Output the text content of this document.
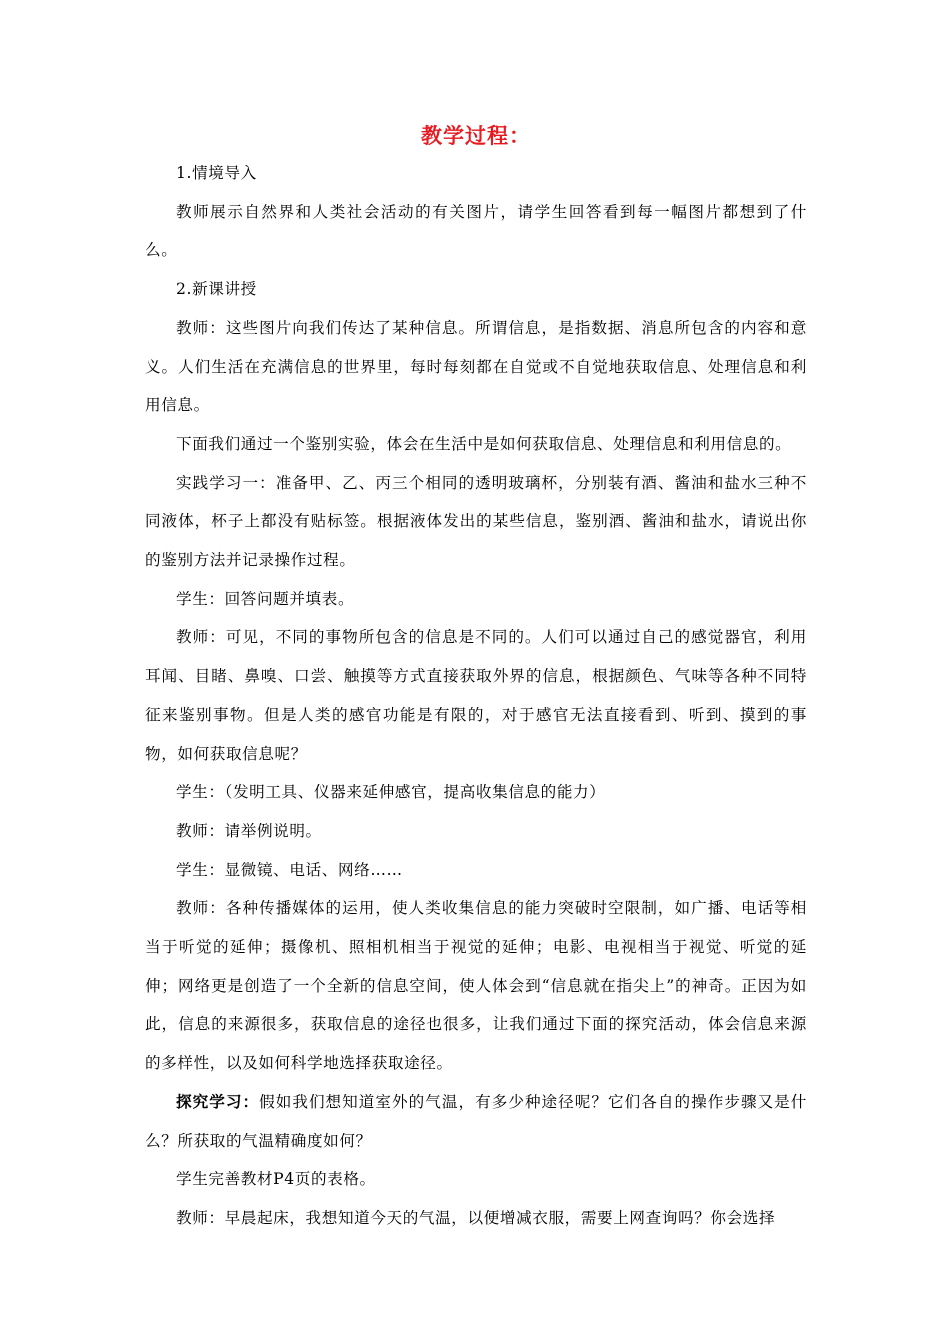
教学过程：

1.情境导入

教师展示自然界和人类社会活动的有关图片，请学生回答看到每一幅图片都想到了什么。

2.新课讲授

教师：这些图片向我们传达了某种信息。所谓信息，是指数据、消息所包含的内容和意义。人们生活在充满信息的世界里，每时每刻都在自觉或不自觉地获取信息、处理信息和利用信息。

下面我们通过一个鉴别实验，体会在生活中是如何获取信息、处理信息和利用信息的。

实践学习一：准备甲、乙、丙三个相同的透明玻璃杯，分别装有酒、酱油和盐水三种不同液体，杯子上都没有贴标签。根据液体发出的某些信息，鉴别酒、酱油和盐水，请说出你的鉴别方法并记录操作过程。

学生：回答问题并填表。

教师：可见，不同的事物所包含的信息是不同的。人们可以通过自己的感觉器官，利用耳闻、目睹、鼻嗅、口尝、触摸等方式直接获取外界的信息，根据颜色、气味等各种不同特征来鉴别事物。但是人类的感官功能是有限的，对于感官无法直接看到、听到、摸到的事物，如何获取信息呢？

学生：（发明工具、仪器来延伸感官，提高收集信息的能力）

教师：请举例说明。

学生：显微镜、电话、网络……

教师：各种传播媒体的运用，使人类收集信息的能力突破时空限制，如广播、电话等相当于听觉的延伸；摄像机、照相机相当于视觉的延伸；电影、电视相当于视觉、听觉的延伸；网络更是创造了一个全新的信息空间，使人体会到“信息就在指尖上”的神奇。正因为如此，信息的来源很多，获取信息的途径也很多，让我们通过下面的探究活动，体会信息来源的多样性，以及如何科学地选择获取途径。

探究学习：假如我们想知道室外的气温，有多少种途径呢？它们各自的操作步骤又是什么？所获取的气温精确度如何？

学生完善教材P4页的表格。

教师：早晨起床，我想知道今天的气温，以便增减衣服，需要上网查询吗？你会选择
